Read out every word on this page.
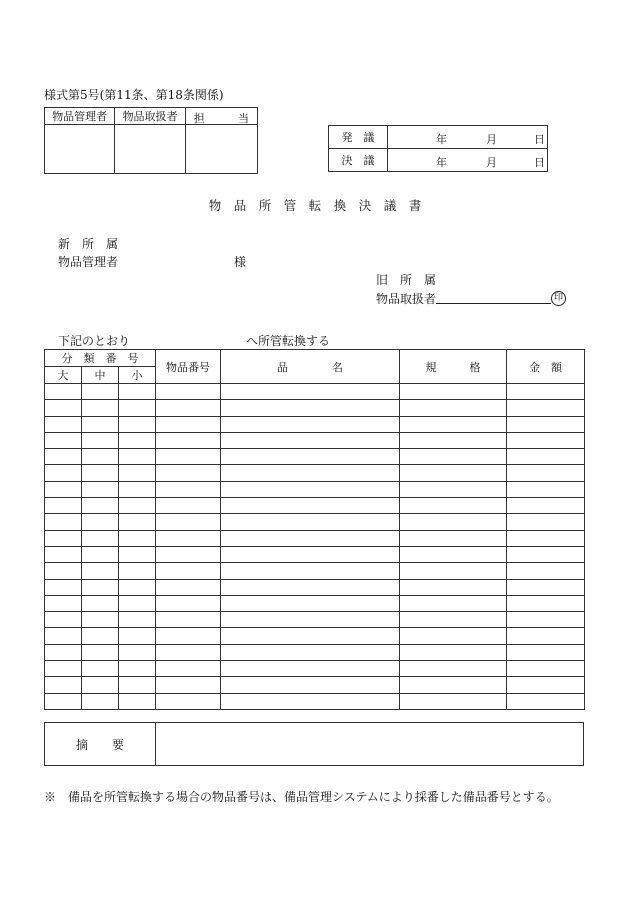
様式第5号(第11条、第18条関係)
物品管理者	物品取扱者	担 当

発　議	年 月 日

決　議	年 月 日
物　品　所　管　転　換　決　議　書
新　所　属
物品管理者	様
旧　所　属
物品取扱者	印
下記のとおり	へ所管転換する
分　類　番　号			物品番号	品　　　　名	規　　　格	金　額
大	中	小				

摘　　要	
※　備品を所管転換する場合の物品番号は、備品管理システムにより採番した備品番号とする。
